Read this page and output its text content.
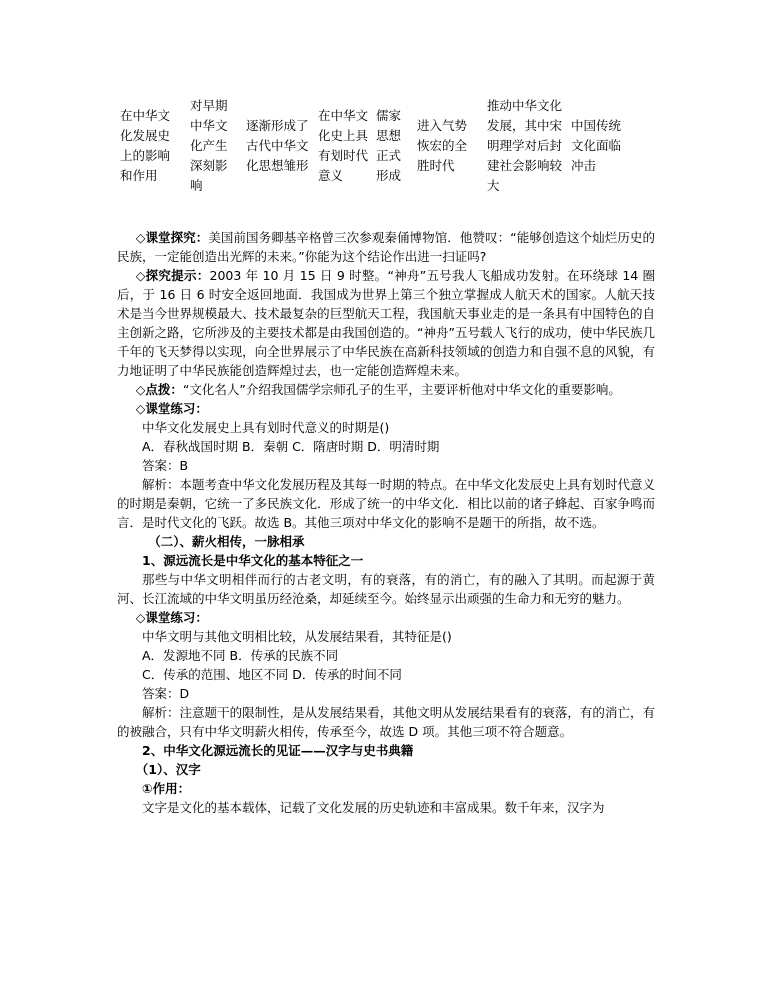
在中华文化发展史上的影响和作用	对早期中华文化产生深刻影响	逐渐形成了古代中华文化思想雏形	在中华文化史上具有划时代意义	儒家思想正式形成	进入气势恢宏的全胜时代	推动中华文化发展，其中宋明理学对后封建社会影响较大	中国传统文化面临冲击

◇课堂探究：美国前国务卿基辛格曾三次参观秦俑博物馆．他赞叹：“能够创造这个灿烂历史的民族，一定能创造出光辉的未来。”你能为这个结论作出进一扫证吗?

◇探究提示：2003 年 10 月 15 日 9 时整。“神舟”五号我人飞船成功发射。在环绕球 14 圈后，于 16 日 6 时安全返回地面．我国成为世界上第三个独立掌握成人航天术的国家。人航天技术是当今世界规模最大、技术最复杂的巨型航天工程，我国航天事业走的是一条具有中国特色的自主创新之路，它所涉及的主要技术都是由我国创造的。“神舟”五号载人飞行的成功，使中华民族几千年的飞天梦得以实现，向全世界展示了中华民族在高新科技领域的创造力和自强不息的风貌，有力地证明了中华民族能创造辉煌过去，也一定能创造辉煌未来。

◇点拨：“文化名人”介绍我国儒学宗师孔子的生平，主要评析他对中华文化的重要影响。

◇课堂练习：

中华文化发展史上具有划时代意义的时期是()

A．春秋战国时期 B．秦朝 C．隋唐时期 D．明清时期

答案：B

解析：本题考查中华文化发展历程及其每一时期的特点。在中华文化发辰史上具有划时代意义的时期是秦朝，它统一了多民族文化．形成了统一的中华文化．相比以前的诸子蜂起、百家争鸣而言．是时代文化的飞跃。故选 B。其他三项对中华文化的影响不是题干的所指，故不选。

（二）、薪火相传，一脉相承

1、源远流长是中华文化的基本特征之一

那些与中华文明相伴而行的古老文明，有的衰落，有的消亡，有的融入了其明。而起源于黄河、长江流域的中华文明虽历经沧桑，却延续至今。始终显示出顽强的生命力和无穷的魅力。

◇课堂练习：

中华文明与其他文明相比较，从发展结果看，其特征是()

A．发源地不同 B．传承的民族不同

C．传承的范围、地区不同 D．传承的时间不同

答案：D

解析：注意题干的限制性，是从发展结果看，其他文明从发展结果看有的衰落，有的消亡，有的被融合，只有中华文明薪火相传，传承至今，故选 D 项。其他三项不符合题意。

2、中华文化源远流长的见证——汉字与史书典籍

（1）、汉字

①作用：

文字是文化的基本载体，记载了文化发展的历史轨迹和丰富成果。数千年来，汉字为
